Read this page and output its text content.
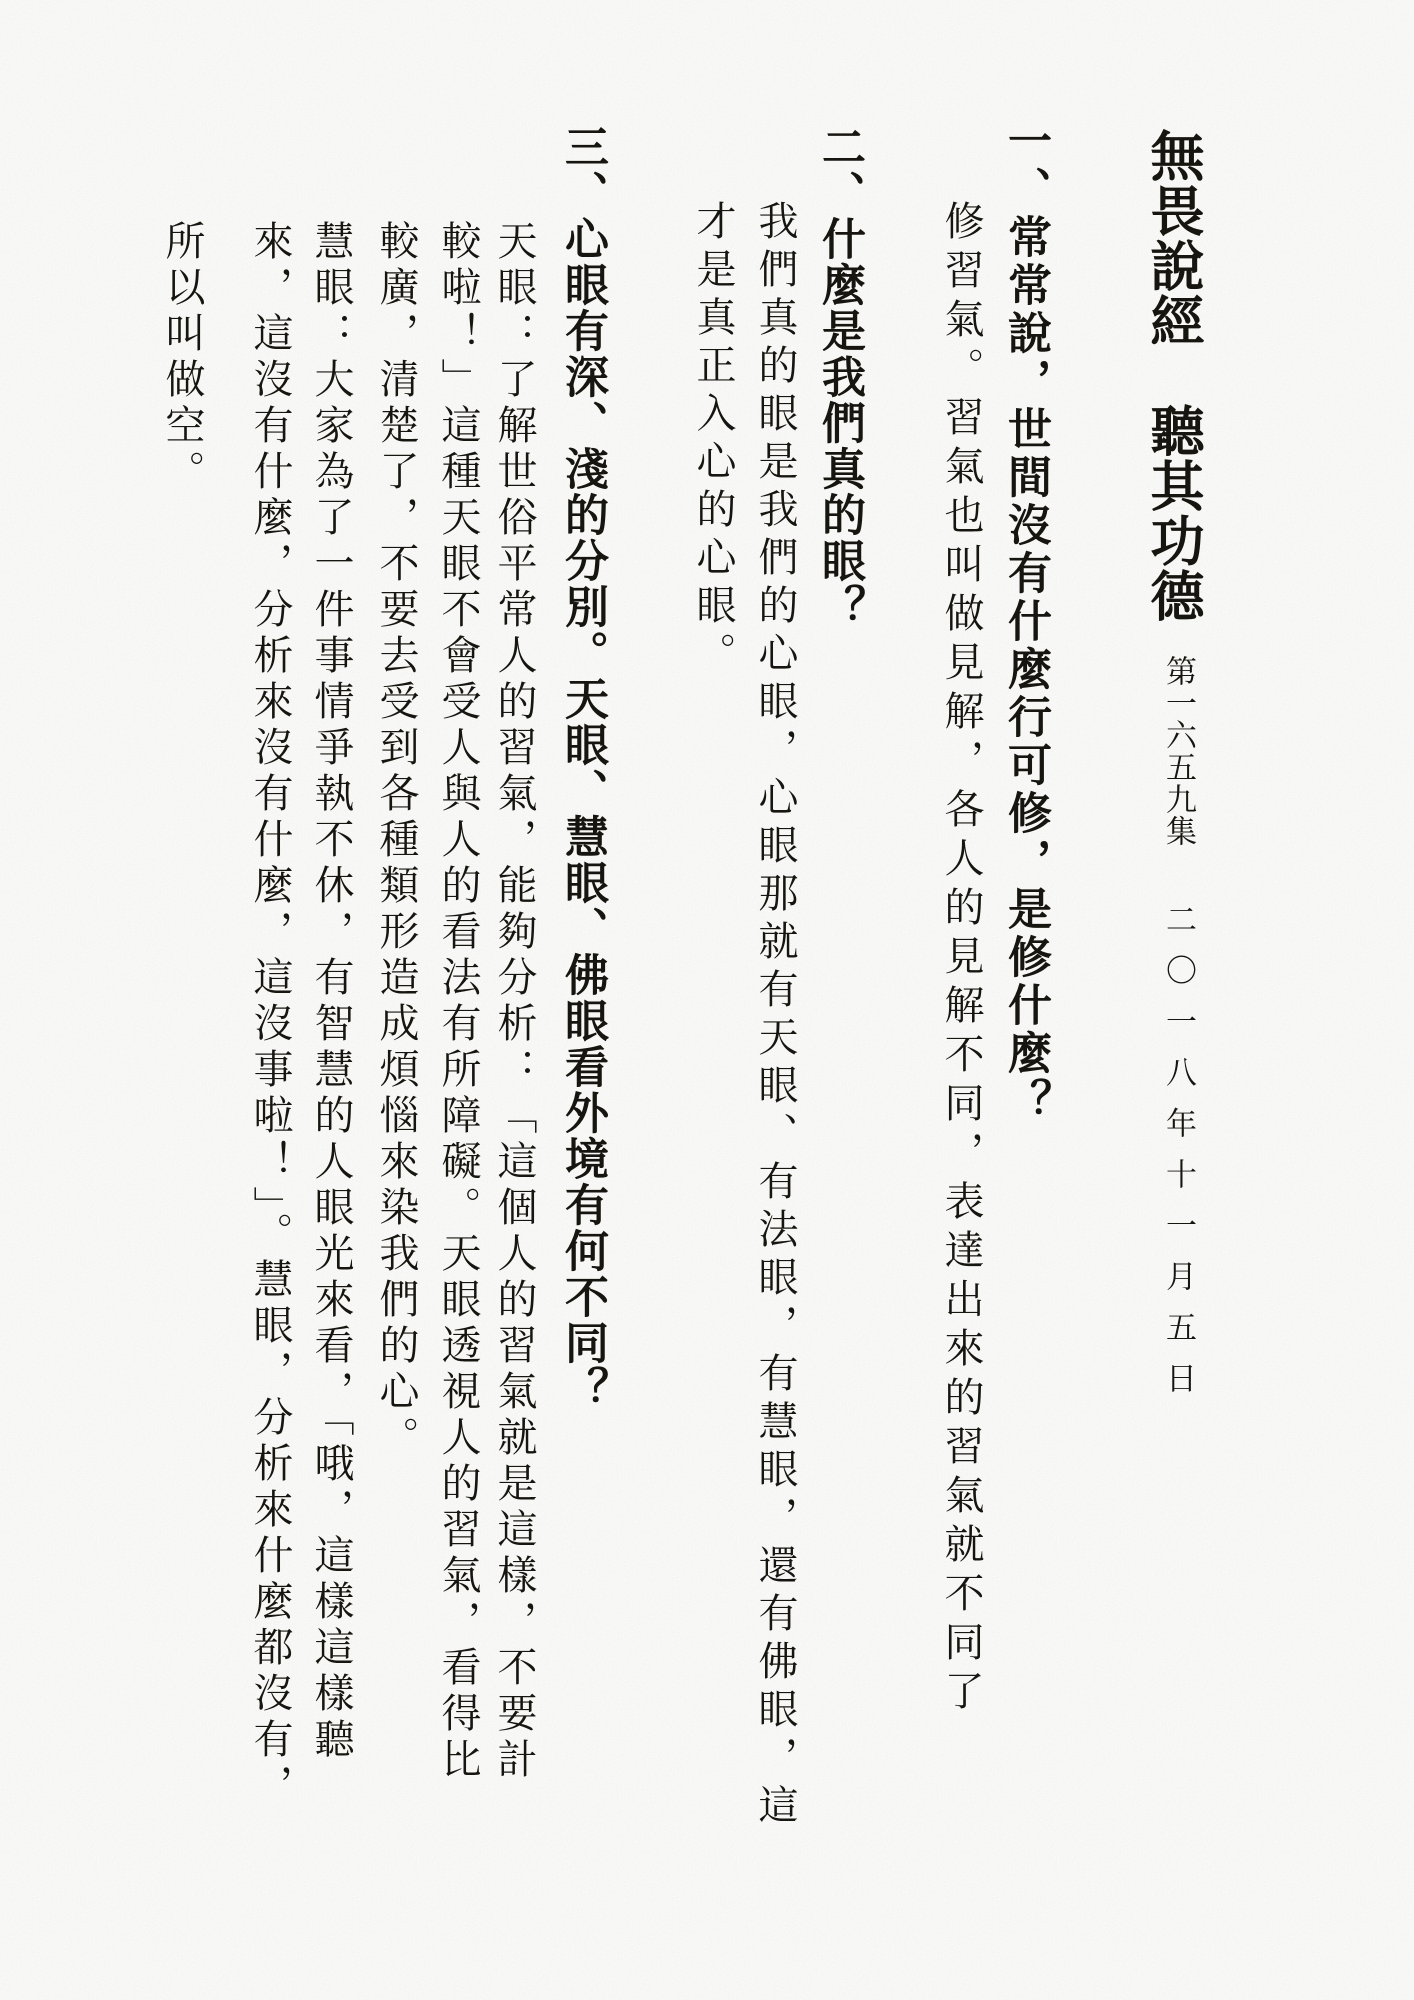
無畏說經　聽其功德
第一六五九集
二〇一八年十一月五日
一、常常說，世間沒有什麼行可修，是修什麼？
修習氣。習氣也叫做見解，各人的見解不同，表達出來的習氣就不同了
二、什麼是我們真的眼？
我們真的眼是我們的心眼，心眼那就有天眼、有法眼，有慧眼，還有佛眼，這
才是真正入心的心眼。
三、心眼有深、淺的分別。天眼、慧眼、佛眼看外境有何不同？
天眼：了解世俗平常人的習氣，能夠分析：「這個人的習氣就是這樣，不要計
較啦！」這種天眼不會受人與人的看法有所障礙。天眼透視人的習氣，看得比
較廣，清楚了，不要去受到各種類形造成煩惱來染我們的心。
慧眼：大家為了一件事情爭執不休，有智慧的人眼光來看，「哦，這樣這樣聽
來，這沒有什麼，分析來沒有什麼，這沒事啦！」。慧眼，分析來什麼都沒有，
所以叫做空。
